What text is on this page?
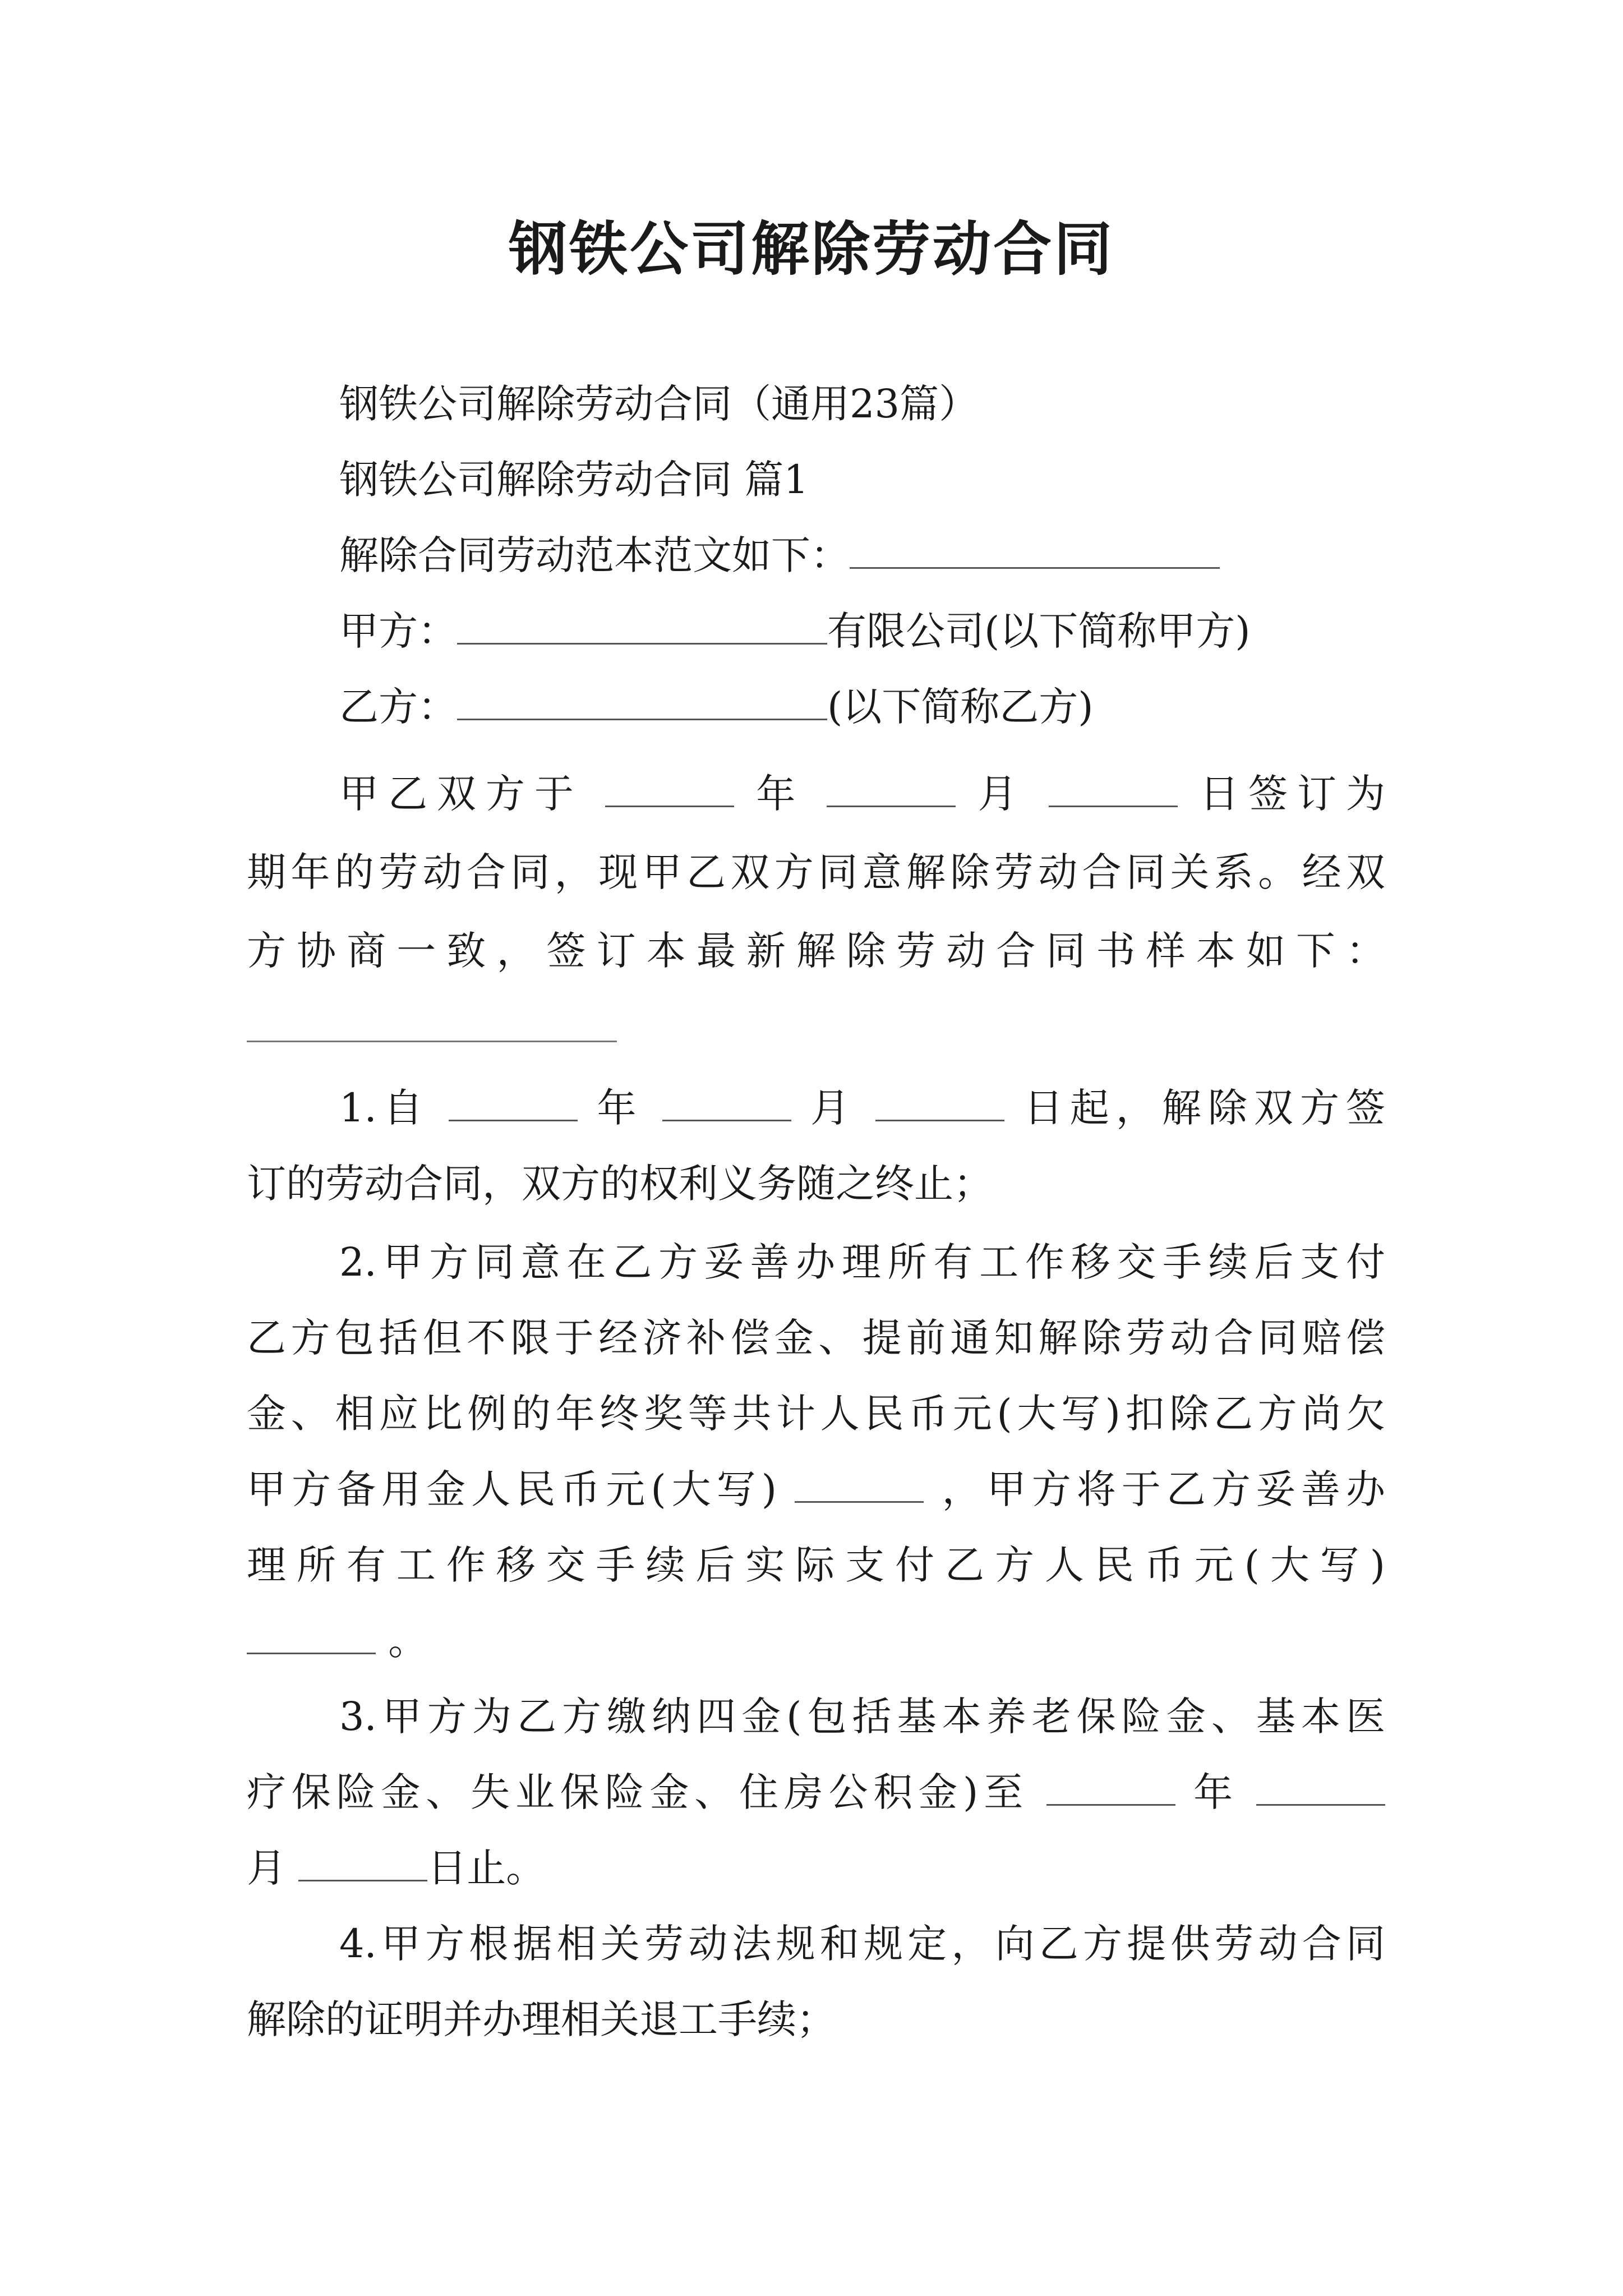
钢铁公司解除劳动合同

钢铁公司解除劳动合同（通用23篇）

钢铁公司解除劳动合同 篇1

解除合同劳动范本范文如下：

甲方：	有限公司(以下简称甲方)

乙方：	(以下简称乙方)

甲乙双方于	年	月	日签订为

期年的劳动合同，现甲乙双方同意解除劳动合同关系。经双

方协商一致，签订本最新解除劳动合同书样本如下：

1.自	年	月	日起，解除双方签

订的劳动合同，双方的权利义务随之终止；

2.甲方同意在乙方妥善办理所有工作移交手续后支付

乙方包括但不限于经济补偿金、提前通知解除劳动合同赔偿

金、相应比例的年终奖等共计人民币元(大写)扣除乙方尚欠

甲方备用金人民币元(大写)	，甲方将于乙方妥善办

理所有工作移交手续后实际支付乙方人民币元(大写)

。

3.甲方为乙方缴纳四金(包括基本养老保险金、基本医

疗保险金、失业保险金、住房公积金)至	年

月	日止。

4.甲方根据相关劳动法规和规定，向乙方提供劳动合同

解除的证明并办理相关退工手续；
